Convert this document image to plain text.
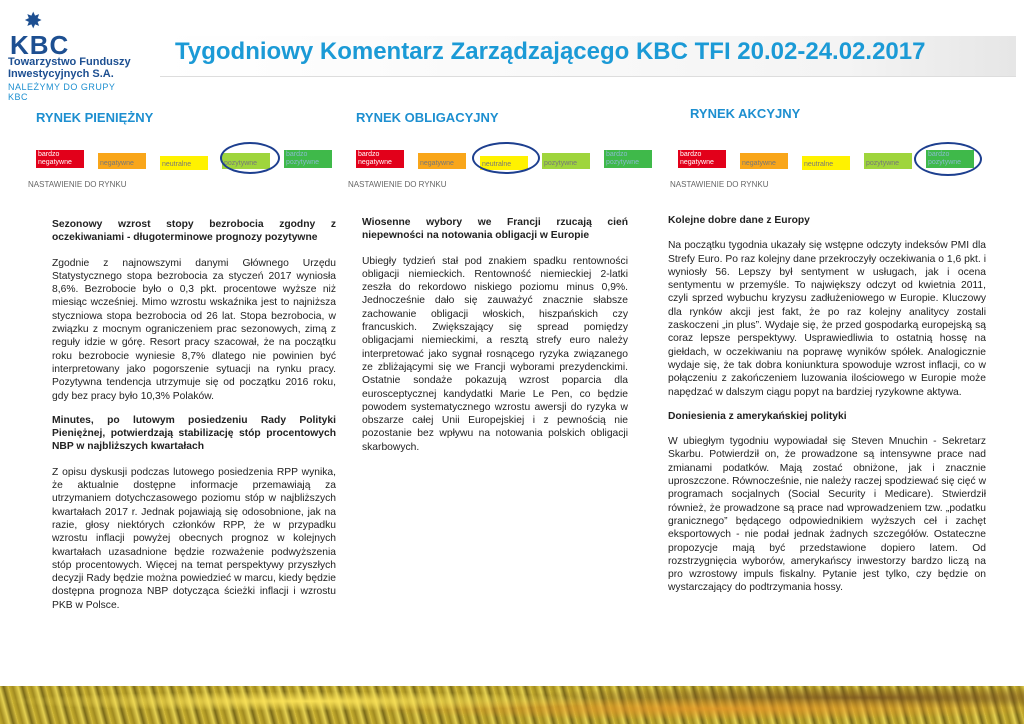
✸
KBC
Towarzystwo Funduszy
Inwestycyjnych S.A.
NALEŻYMY DO GRUPY KBC
Tygodniowy Komentarz Zarządzającego KBC TFI 20.02-24.02.2017
RYNEK PIENIĘŻNY	RYNEK OBLIGACYJNY	RYNEK AKCYJNY
bardzo negatywne	negatywne	neutralne	pozytywne
bardzo pozytywne
NASTAWIENIE DO RYNKU
bardzo negatywne	negatywne	neutralne	pozytywne
bardzo pozytywne
NASTAWIENIE DO RYNKU
bardzo negatywne	negatywne	neutralne	pozytywne
bardzo pozytywne
NASTAWIENIE DO RYNKU
Sezonowy wzrost stopy bezrobocia zgodny z oczekiwaniami - długoterminowe prognozy pozytywne

Zgodnie z najnowszymi danymi Głównego Urzędu Statystycznego stopa bezrobocia za styczeń 2017 wyniosła 8,6%. Bezrobocie było o 0,3 pkt. procentowe wyższe niż miesiąc wcześniej. Mimo wzrostu wskaźnika jest to najniższa styczniowa stopa bezrobocia od 26 lat. Stopa bezrobocia, w związku z mocnym ograniczeniem prac sezonowych, zimą z reguły idzie w górę. Resort pracy szacował, że na początku roku bezrobocie wyniesie 8,7% dlatego nie powinien być interpretowany jako pogorszenie sytuacji na rynku pracy. Pozytywna tendencja utrzymuje się od początku 2016 roku, gdy bez pracy było 10,3% Polaków.

Minutes, po lutowym posiedzeniu Rady Polityki Pieniężnej, potwierdzają stabilizację stóp procentowych NBP w najbliższych kwartałach

Z opisu dyskusji podczas lutowego posiedzenia RPP wynika, że aktualnie dostępne informacje przemawiają za utrzymaniem dotychczasowego poziomu stóp w najbliższych kwartałach 2017 r. Jednak pojawiają się odosobnione, jak na razie, głosy niektórych członków RPP, że w przypadku wzrostu inflacji powyżej obecnych prognoz w kolejnych kwartałach uzasadnione będzie rozważenie podwyższenia stóp procentowych. Więcej na temat perspektywy przyszłych decyzji Rady będzie można powiedzieć w marcu, kiedy będzie dostępna prognoza NBP dotycząca ścieżki inflacji i wzrostu PKB w Polsce.

Wiosenne wybory we Francji rzucają cień niepewności na notowania obligacji w Europie

Ubiegły tydzień stał pod znakiem spadku rentowności obligacji niemieckich. Rentowność niemieckiej 2-latki zeszła do rekordowo niskiego poziomu minus 0,9%. Jednocześnie dało się zauważyć znacznie słabsze zachowanie obligacji włoskich, hiszpańskich czy francuskich. Zwiększający się spread pomiędzy obligacjami niemieckimi, a resztą strefy euro należy interpretować jako sygnał rosnącego ryzyka związanego ze zbliżającymi się we Francji wyborami prezydenckimi. Ostatnie sondaże pokazują wzrost poparcia dla eurosceptycznej kandydatki Marie Le Pen, co będzie powodem systematycznego wzrostu awersji do ryzyka w obszarze całej Unii Europejskiej i z pewnością nie pozostanie bez wpływu na notowania polskich obligacji skarbowych.

Kolejne dobre dane z Europy

Na początku tygodnia ukazały się wstępne odczyty indeksów PMI dla Strefy Euro. Po raz kolejny dane przekroczyły oczekiwania o 1,6 pkt. i wyniosły 56. Lepszy był sentyment w usługach, jak i ocena sentymentu w przemyśle. To największy odczyt od kwietnia 2011, czyli sprzed wybuchu kryzysu zadłużeniowego w Europie. Kluczowy dla rynków akcji jest fakt, że po raz kolejny analitycy zostali zaskoczeni „in plus”. Wydaje się, że przed gospodarką europejską są coraz lepsze perspektywy. Usprawiedliwia to ostatnią hossę na giełdach, w oczekiwaniu na poprawę wyników spółek. Analogicznie wydaje się, że tak dobra koniunktura spowoduje wzrost inflacji, co w połączeniu z zakończeniem luzowania ilościowego w Europie może napędzać w dalszym ciągu popyt na bardziej ryzykowne aktywa.

Doniesienia z amerykańskiej polityki

W ubiegłym tygodniu wypowiadał się Steven Mnuchin - Sekretarz Skarbu. Potwierdził on, że prowadzone są intensywne prace nad zmianami podatków. Mają zostać obniżone, jak i znacznie uproszczone. Równocześnie, nie należy raczej spodziewać się cięć w programach socjalnych (Social Security i Medicare). Stwierdził również, że prowadzone są prace nad wprowadzeniem tzw. „podatku granicznego” będącego odpowiednikiem wyższych ceł i zachęt eksportowych - nie podał jednak żadnych szczegółów. Ostateczne propozycje mają być przedstawione dopiero latem. Od rozstrzygnięcia wyborów, amerykańscy inwestorzy bardzo liczą na pro wzrostowy impuls fiskalny. Pytanie jest tylko, czy będzie on wystarczający do podtrzymania hossy.
